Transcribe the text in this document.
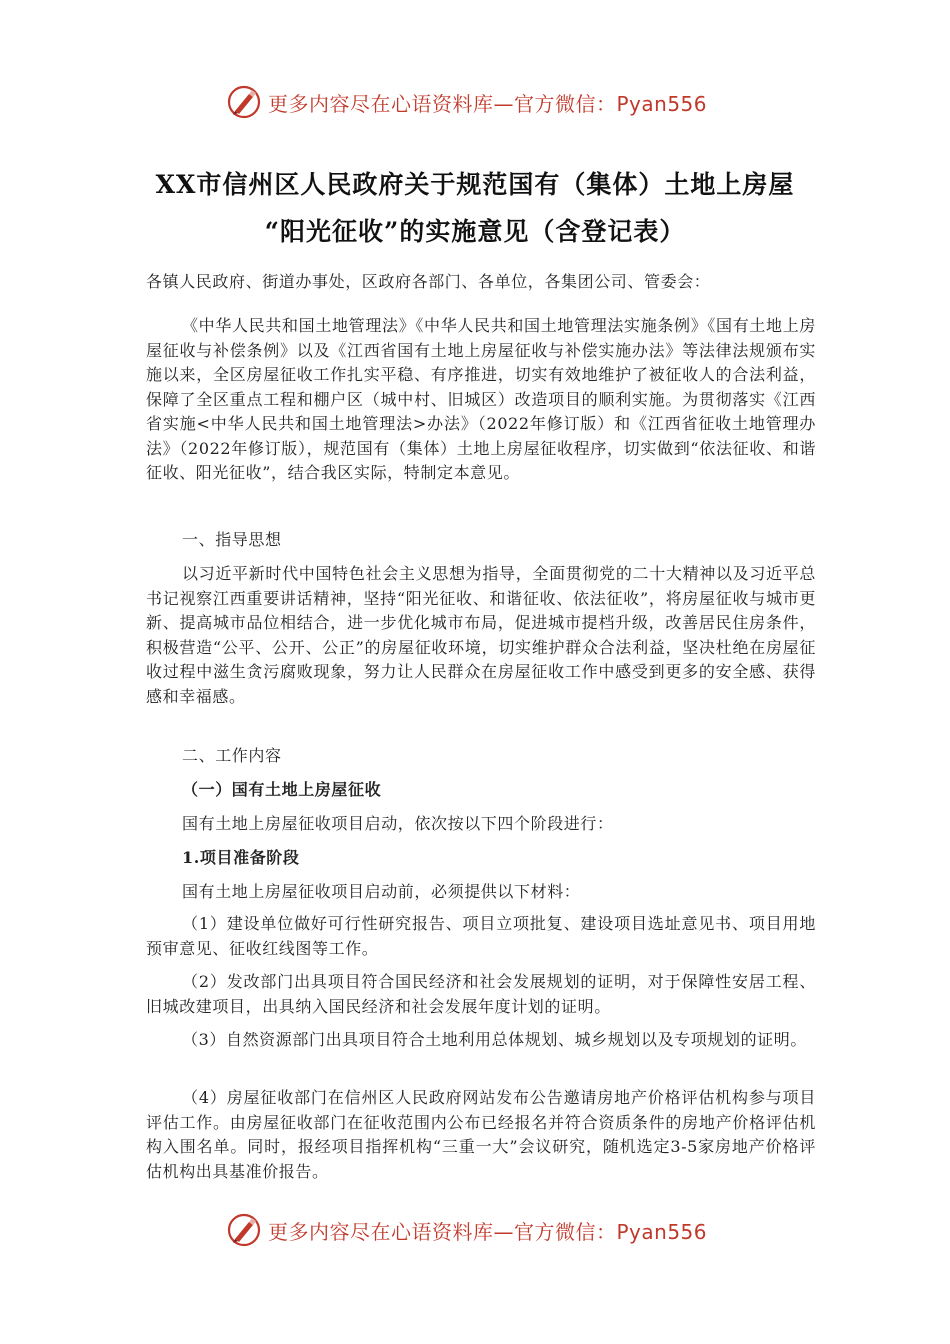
更多内容尽在心语资料库—官方微信：Pyan556
XX市信州区人民政府关于规范国有（集体）土地上房屋
“阳光征收”的实施意见（含登记表）
各镇人民政府、街道办事处，区政府各部门、各单位，各集团公司、管委会：
《中华人民共和国土地管理法》《中华人民共和国土地管理法实施条例》《国有土地上房屋征收与补偿条例》以及《江西省国有土地上房屋征收与补偿实施办法》等法律法规颁布实施以来，全区房屋征收工作扎实平稳、有序推进，切实有效地维护了被征收人的合法利益，保障了全区重点工程和棚户区（城中村、旧城区）改造项目的顺利实施。为贯彻落实《江西省实施<中华人民共和国土地管理法>办法》（2022年修订版）和《江西省征收土地管理办法》（2022年修订版），规范国有（集体）土地上房屋征收程序，切实做到“依法征收、和谐征收、阳光征收”，结合我区实际，特制定本意见。
一、指导思想
以习近平新时代中国特色社会主义思想为指导，全面贯彻党的二十大精神以及习近平总书记视察江西重要讲话精神，坚持“阳光征收、和谐征收、依法征收”，将房屋征收与城市更新、提高城市品位相结合，进一步优化城市布局，促进城市提档升级，改善居民住房条件，积极营造“公平、公开、公正”的房屋征收环境，切实维护群众合法利益，坚决杜绝在房屋征收过程中滋生贪污腐败现象，努力让人民群众在房屋征收工作中感受到更多的安全感、获得感和幸福感。
二、工作内容
（一）国有土地上房屋征收
国有土地上房屋征收项目启动，依次按以下四个阶段进行：
1.项目准备阶段
国有土地上房屋征收项目启动前，必须提供以下材料：
（1）建设单位做好可行性研究报告、项目立项批复、建设项目选址意见书、项目用地预审意见、征收红线图等工作。
（2）发改部门出具项目符合国民经济和社会发展规划的证明，对于保障性安居工程、旧城改建项目，出具纳入国民经济和社会发展年度计划的证明。
（3）自然资源部门出具项目符合土地利用总体规划、城乡规划以及专项规划的证明。
（4）房屋征收部门在信州区人民政府网站发布公告邀请房地产价格评估机构参与项目评估工作。由房屋征收部门在征收范围内公布已经报名并符合资质条件的房地产价格评估机构入围名单。同时，报经项目指挥机构“三重一大”会议研究，随机选定3-5家房地产价格评估机构出具基准价报告。
更多内容尽在心语资料库—官方微信：Pyan556
